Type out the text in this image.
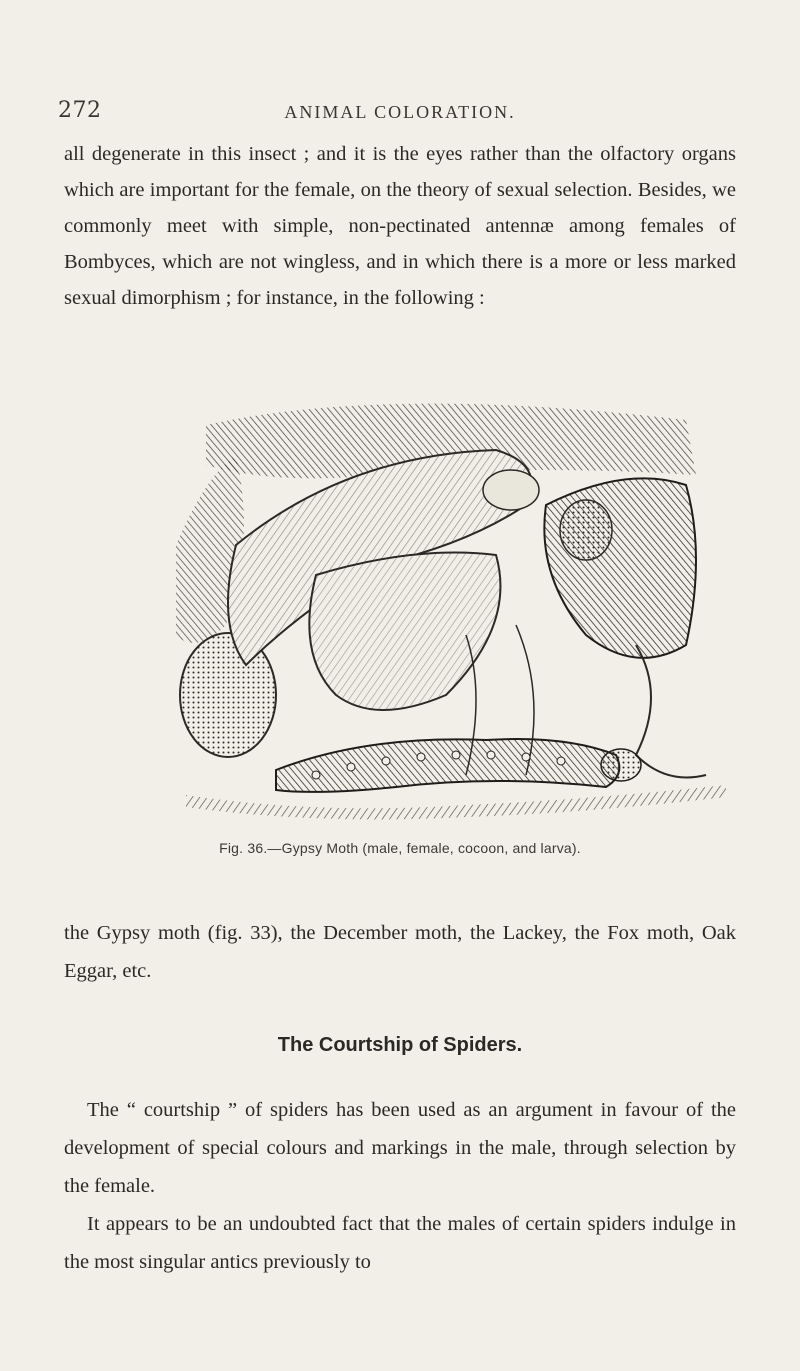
272	ANIMAL COLORATION.

all degenerate in this insect ; and it is the eyes rather than the olfactory organs which are important for the female, on the theory of sexual selection. Besides, we commonly meet with simple, non-pectinated antennæ among females of Bombyces, which are not wingless, and in which there is a more or less marked sexual dimorphism ; for instance, in the following :

Fig. 36.—Gypsy Moth (male, female, cocoon, and larva).

the Gypsy moth (fig. 33), the December moth, the Lackey, the Fox moth, Oak Eggar, etc.

The Courtship of Spiders.

The “ courtship ” of spiders has been used as an argument in favour of the development of special colours and markings in the male, through selection by the female.

It appears to be an undoubted fact that the males of certain spiders indulge in the most singular antics previously to
